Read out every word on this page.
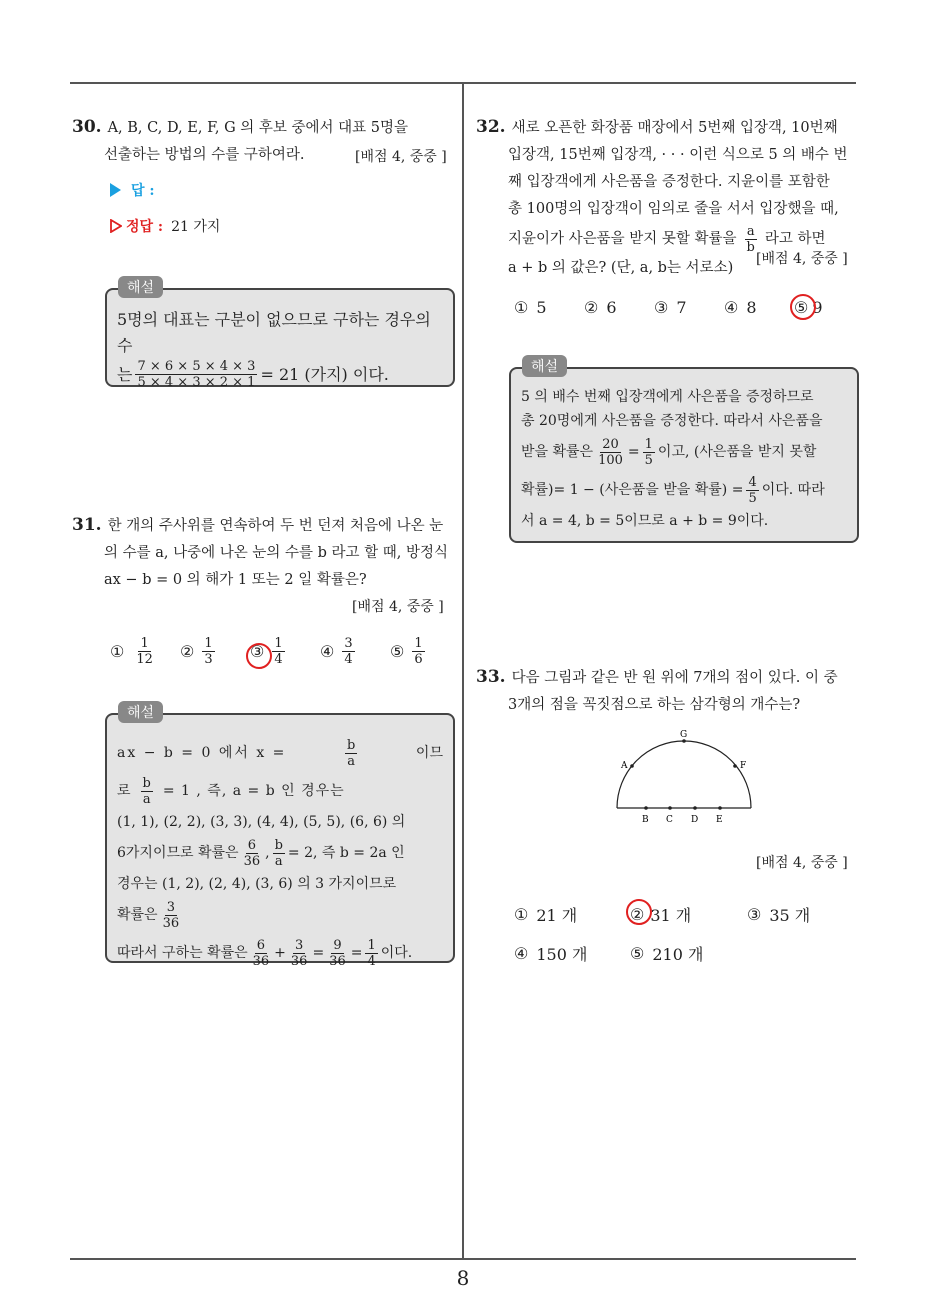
8
30. A, B, C, D, E, F, G 의 후보 중에서 대표 5명을
선출하는 방법의 수를 구하여라.	[배점 4, 중중 ]
답 :
정답 : 21 가지
해설
5명의 대표는 구분이 없으므로 구하는 경우의 수
는 $\frac{7 \times 6 \times 5 \times 4 \times 3}{5 \times 4 \times 3 \times 2 \times 1} = 21$ (가지) 이다.
31. 한 개의 주사위를 연속하여 두 번 던져 처음에 나온 눈
의 수를 a, 나중에 나온 눈의 수를 b 라고 할 때, 방정식
ax − b = 0 의 해가 1 또는 2 일 확률은?
[배점 4, 중중 ]
① $\frac{1}{12}$ ② $\frac{1}{3}$ ③ $\frac{1}{4}$ ④ $\frac{3}{4}$ ⑤ $\frac{1}{6}$
해설
ax − b = 0 에서 x =	$\frac{b}{a}$	이므
로 $\frac{b}{a} = 1$ , 즉, a = b 인 경우는
(1, 1), (2, 2), (3, 3), (4, 4), (5, 5), (6, 6) 의
6가지이므로 확률은 $\frac{6}{36}$ , $\frac{b}{a} = 2$, 즉 b = 2a 인
경우는 (1, 2), (2, 4), (3, 6) 의 3 가지이므로
확률은 $\frac{3}{36}$
따라서 구하는 확률은 $\frac{6}{36} + \frac{3}{36} = \frac{9}{36} = \frac{1}{4}$ 이다.
32. 새로 오픈한 화장품 매장에서 5번째 입장객, 10번째
입장객, 15번째 입장객, · · · 이런 식으로 5 의 배수 번
째 입장객에게 사은품을 증정한다. 지윤이를 포함한
총 100명의 입장객이 임의로 줄을 서서 입장했을 때,
지윤이가 사은품을 받지 못할 확률을 $\frac{a}{b}$ 라고 하면
a + b 의 값은? (단, a, b는 서로소)
[배점 4, 중중 ]
① 5 ② 6 ③ 7 ④ 8 ⑤ 9
해설
5 의 배수 번째 입장객에게 사은품을 증정하므로
총 20명에게 사은품을 증정한다. 따라서 사은품을
받을 확률은 $\frac{20}{100} = \frac{1}{5}$ 이고, (사은품을 받지 못할
확률)= 1 − (사은품을 받을 확률) = $\frac{4}{5}$ 이다. 따라
서 a = 4, b = 5이므로 a + b = 9이다.
33. 다음 그림과 같은 반 원 위에 7개의 점이 있다. 이 중
3개의 점을 꼭짓점으로 하는 삼각형의 개수는?
A
G
F
B C D E
[배점 4, 중중 ]
① 21 개	② 31 개	③ 35 개
④ 150 개	⑤ 210 개
